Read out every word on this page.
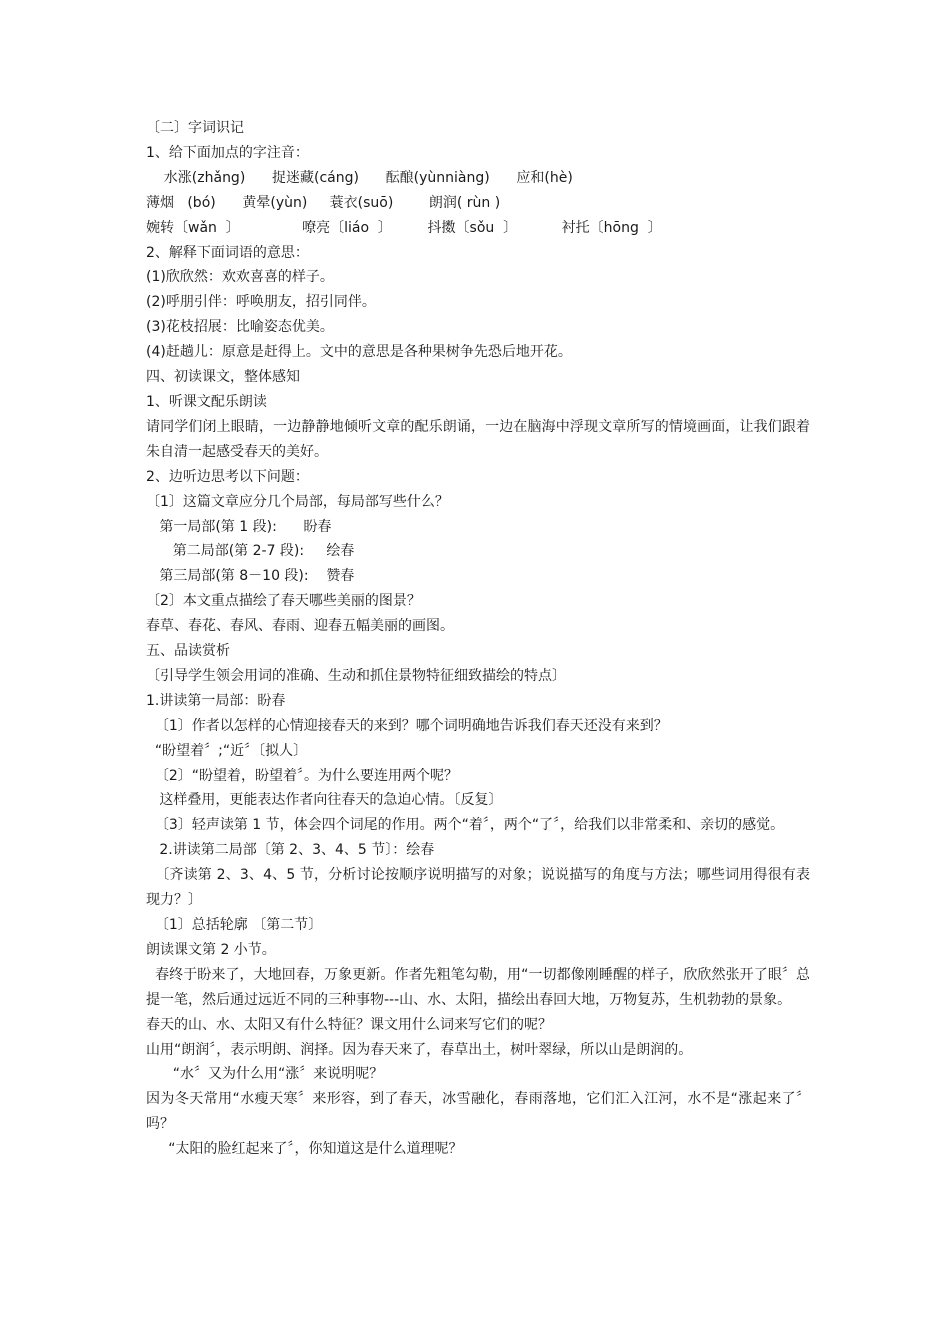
〔二〕字词识记

1、给下面加点的字注音：

水涨(zhǎng)      捉迷藏(cáng)      酝酿(yùnniàng)      应和(hè)

薄烟   (bó)      黄晕(yùn)     蓑衣(suō)        朗润( rùn )

婉转〔wǎn  〕              嘹亮〔liáo  〕        抖擞〔sǒu  〕          衬托〔hōng  〕

2、解释下面词语的意思：

(1)欣欣然：欢欢喜喜的样子。

(2)呼朋引伴：呼唤朋友，招引同伴。

(3)花枝招展：比喻姿态优美。

(4)赶趟儿：原意是赶得上。文中的意思是各种果树争先恐后地开花。

四、初读课文，整体感知

1、听课文配乐朗读

请同学们闭上眼睛，一边静静地倾听文章的配乐朗诵，一边在脑海中浮现文章所写的情境画面，让我们跟着朱自清一起感受春天的美好。

2、边听边思考以下问题：

〔1〕这篇文章应分几个局部，每局部写些什么？

第一局部(第 1 段):      盼春

第二局部(第 2-7 段):     绘春

第三局部(第 8－10 段):    赞春

〔2〕本文重点描绘了春天哪些美丽的图景？

春草、春花、春风、春雨、迎春五幅美丽的画图。

五、品读赏析

〔引导学生领会用词的准确、生动和抓住景物特征细致描绘的特点〕

1.讲读第一局部：盼春

〔1〕作者以怎样的心情迎接春天的来到？哪个词明确地告诉我们春天还没有来到？

“盼望着〞;“近〞〔拟人〕

〔2〕“盼望着，盼望着〞。为什么要连用两个呢？

这样叠用，更能表达作者向往春天的急迫心情。〔反复〕

〔3〕轻声读第 1 节，体会四个词尾的作用。两个“着〞，两个“了〞，给我们以非常柔和、亲切的感觉。

2.讲读第二局部〔第 2、3、4、5 节〕：绘春

〔齐读第 2、3、4、5 节，分析讨论按顺序说明描写的对象；说说描写的角度与方法；哪些词用得很有表现力？〕

〔1〕总括轮廓 〔第二节〕

朗读课文第 2 小节。

春终于盼来了，大地回春，万象更新。作者先粗笔勾勒，用“一切都像刚睡醒的样子，欣欣然张开了眼〞总提一笔，然后通过远近不同的三种事物---山、水、太阳，描绘出春回大地，万物复苏，生机勃勃的景象。

春天的山、水、太阳又有什么特征？课文用什么词来写它们的呢？

山用“朗润〞，表示明朗、润择。因为春天来了，春草出土，树叶翠绿，所以山是朗润的。

“水〞又为什么用“涨〞来说明呢？

因为冬天常用“水瘦天寒〞来形容，到了春天，冰雪融化，春雨落地，它们汇入江河，水不是“涨起来了〞吗？

“太阳的脸红起来了〞，你知道这是什么道理呢？
